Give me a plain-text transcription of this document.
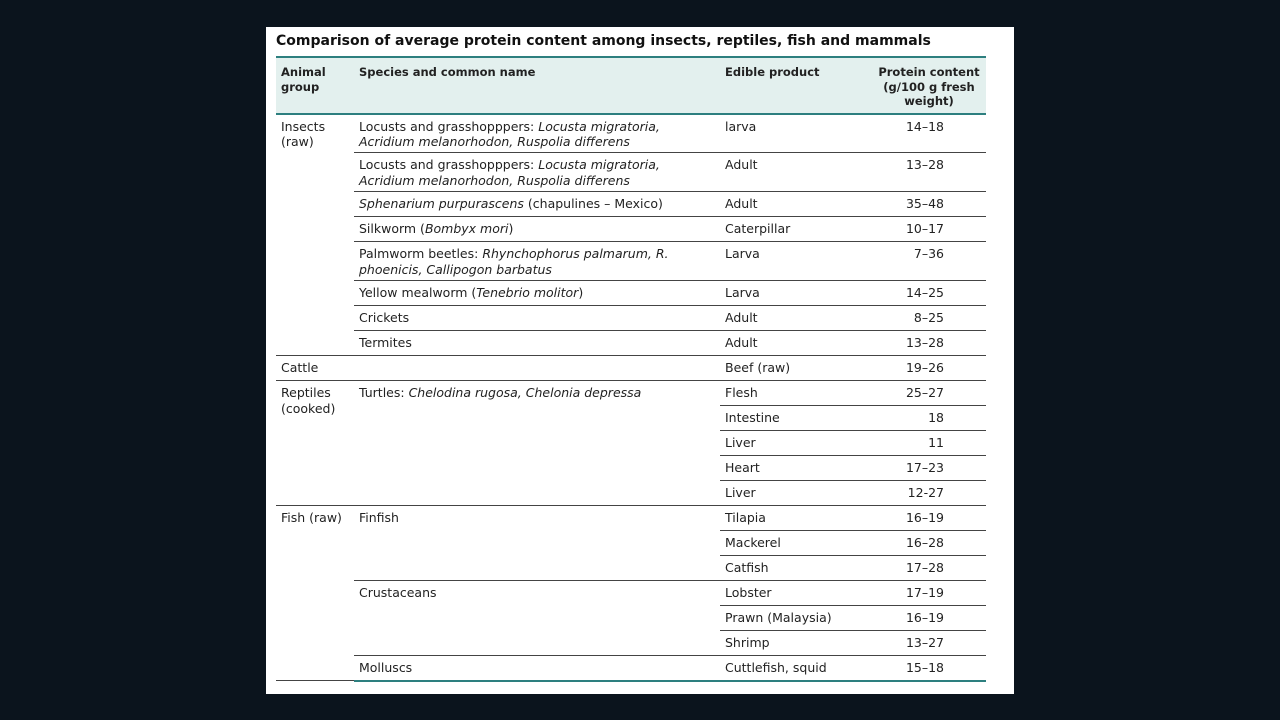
Comparison of average protein content among insects, reptiles, fish and mammals
Animal group	Species and common name	Edible product	Protein content (g/100 g fresh weight)
Insects (raw)	Locusts and grasshopppers: Locusta migratoria, Acridium melanorhodon, Ruspolia differens	larva	14–18
	Locusts and grasshopppers: Locusta migratoria, Acridium melanorhodon, Ruspolia differens	Adult	13–28
	Sphenarium purpurascens (chapulines – Mexico)	Adult	35–48
	Silkworm (Bombyx mori)	Caterpillar	10–17
	Palmworm beetles: Rhynchophorus palmarum, R. phoenicis, Callipogon barbatus	Larva	7–36
	Yellow mealworm (Tenebrio molitor)	Larva	14–25
	Crickets	Adult	8–25
	Termites	Adult	13–28
Cattle		Beef (raw)	19–26
Reptiles (cooked)	Turtles: Chelodina rugosa, Chelonia depressa	Flesh	25–27
		Intestine	18
		Liver	11
		Heart	17–23
		Liver	12-27
Fish (raw)	Finfish	Tilapia	16–19
		Mackerel	16–28
		Catfish	17–28
	Crustaceans	Lobster	17–19
		Prawn (Malaysia)	16–19
		Shrimp	13–27
	Molluscs	Cuttlefish, squid	15–18
